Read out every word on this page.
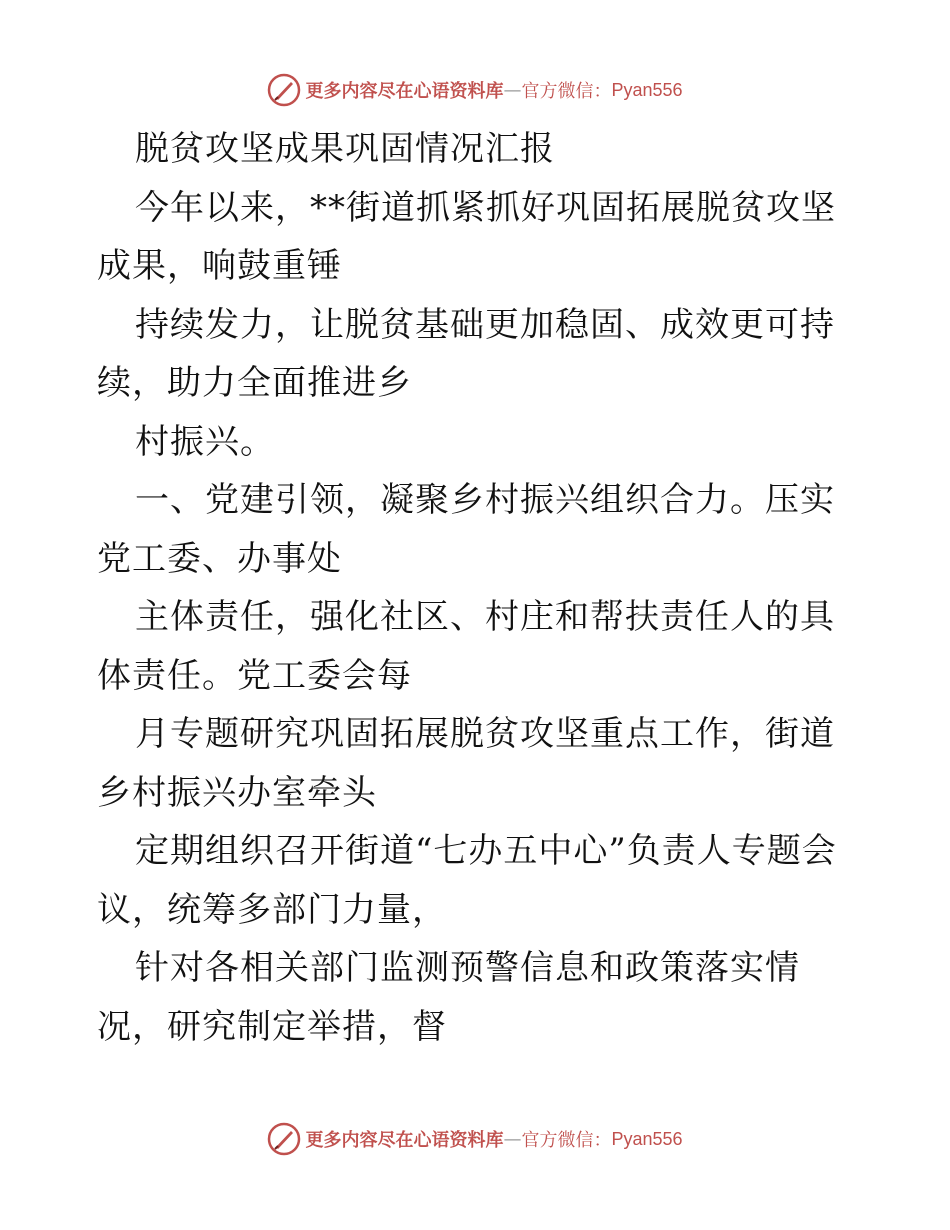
更多内容尽在心语资料库 — 官方微信： Pyan556

脱贫攻坚成果巩固情况汇报

今年以来，**街道抓紧抓好巩固拓展脱贫攻坚成果，响鼓重锤

持续发力，让脱贫基础更加稳固、成效更可持续，助力全面推进乡

村振兴。

一、党建引领，凝聚乡村振兴组织合力。压实党工委、办事处

主体责任，强化社区、村庄和帮扶责任人的具体责任。党工委会每

月专题研究巩固拓展脱贫攻坚重点工作，街道乡村振兴办室牵头

定期组织召开街道“七办五中心”负责人专题会议，统筹多部门力量，

针对各相关部门监测预警信息和政策落实情况，研究制定举措，督

更多内容尽在心语资料库 — 官方微信： Pyan556
